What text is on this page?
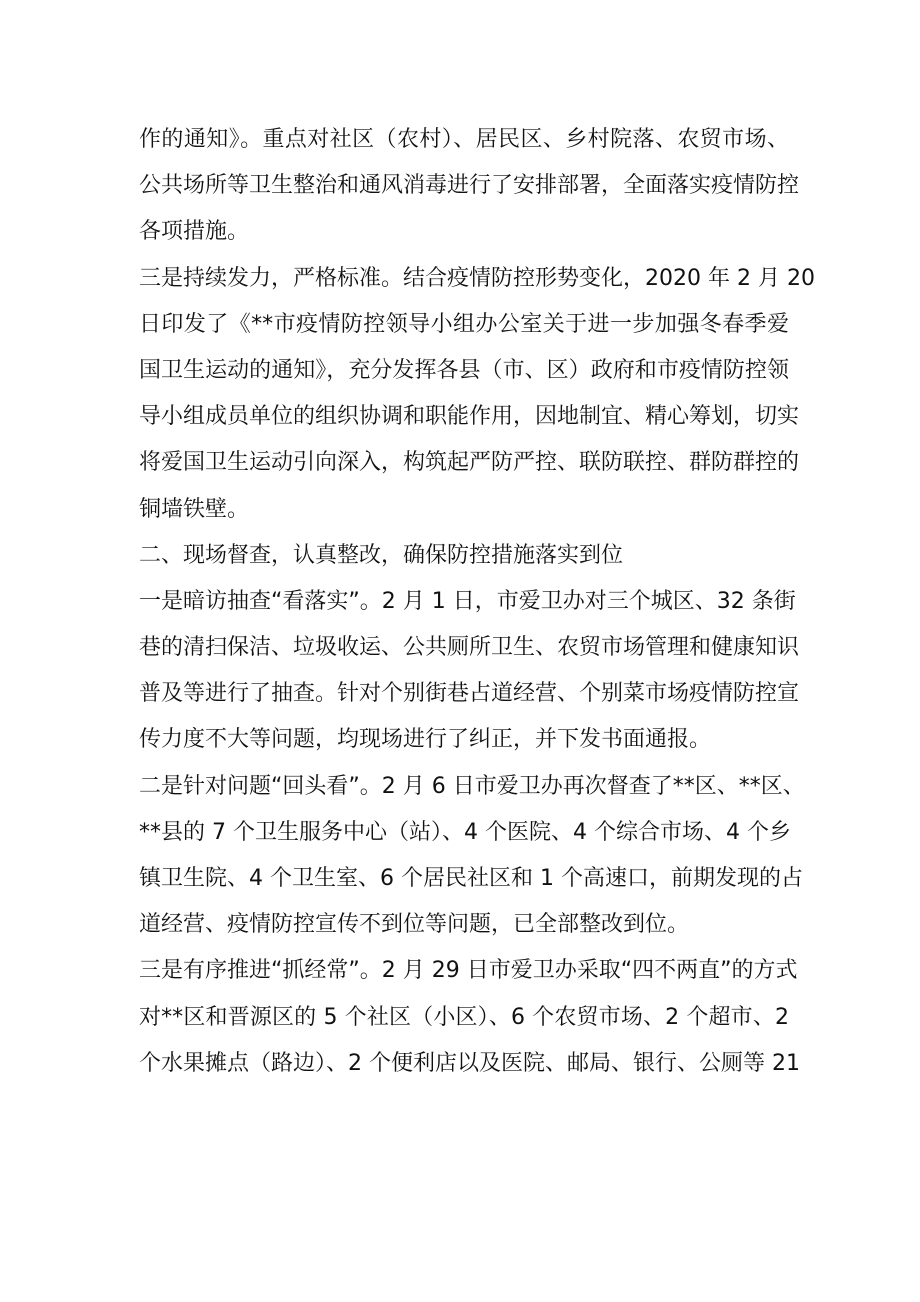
作的通知》。重点对社区（农村）、居民区、乡村院落、农贸市场、
公共场所等卫生整治和通风消毒进行了安排部署，全面落实疫情防控
各项措施。
三是持续发力，严格标准。结合疫情防控形势变化，2020 年 2 月 20
日印发了《**市疫情防控领导小组办公室关于进一步加强冬春季爱
国卫生运动的通知》，充分发挥各县（市、区）政府和市疫情防控领
导小组成员单位的组织协调和职能作用，因地制宜、精心筹划，切实
将爱国卫生运动引向深入，构筑起严防严控、联防联控、群防群控的
铜墙铁壁。
二、现场督查，认真整改，确保防控措施落实到位
一是暗访抽查“看落实”。2 月 1 日，市爱卫办对三个城区、32 条街
巷的清扫保洁、垃圾收运、公共厕所卫生、农贸市场管理和健康知识
普及等进行了抽查。针对个别街巷占道经营、个别菜市场疫情防控宣
传力度不大等问题，均现场进行了纠正，并下发书面通报。
二是针对问题“回头看”。2 月 6 日市爱卫办再次督查了**区、**区、
**县的 7 个卫生服务中心（站）、4 个医院、4 个综合市场、4 个乡
镇卫生院、4 个卫生室、6 个居民社区和 1 个高速口，前期发现的占
道经营、疫情防控宣传不到位等问题，已全部整改到位。
三是有序推进“抓经常”。2 月 29 日市爱卫办采取“四不两直”的方式
对**区和晋源区的 5 个社区（小区）、6 个农贸市场、2 个超市、2
个水果摊点（路边）、2 个便利店以及医院、邮局、银行、公厕等 21
